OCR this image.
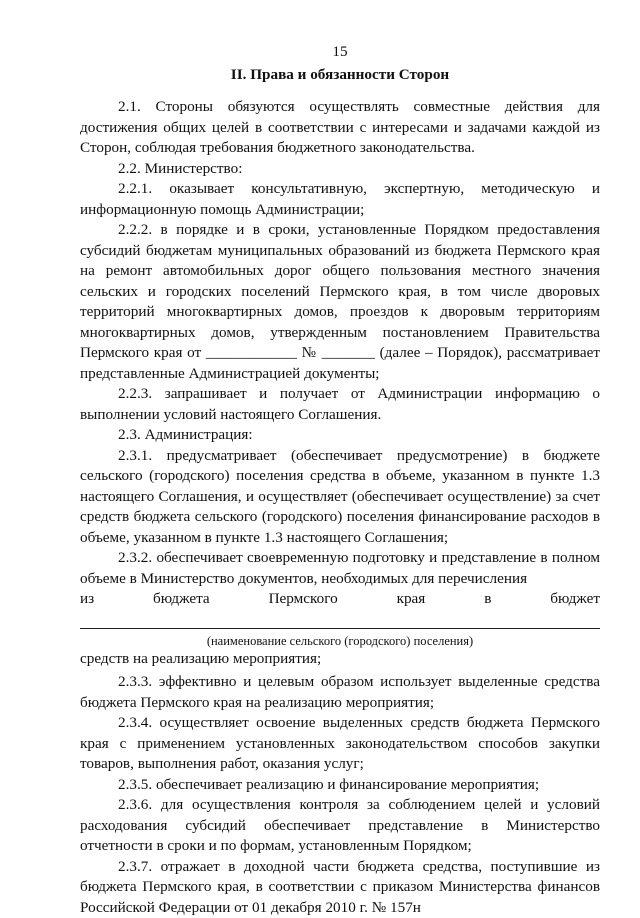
15
II. Права и обязанности Сторон

2.1. Стороны обязуются осуществлять совместные действия для достижения общих целей в соответствии с интересами и задачами каждой из Сторон, соблюдая требования бюджетного законодательства.

2.2. Министерство:

2.2.1. оказывает консультативную, экспертную, методическую и информационную помощь Администрации;

2.2.2. в порядке и в сроки, установленные Порядком предоставления субсидий бюджетам муниципальных образований из бюджета Пермского края на ремонт автомобильных дорог общего пользования местного значения сельских и городских поселений Пермского края, в том числе дворовых территорий многоквартирных домов, проездов к дворовым территориям многоквартирных домов, утвержденным постановлением Правительства Пермского края от ____________ № _______ (далее – Порядок), рассматривает представленные Администрацией документы;

2.2.3. запрашивает и получает от Администрации информацию о выполнении условий настоящего Соглашения.

2.3. Администрация:

2.3.1. предусматривает (обеспечивает предусмотрение) в бюджете сельского (городского) поселения средства в объеме, указанном в пункте 1.3 настоящего Соглашения, и осуществляет (обеспечивает осуществление) за счет средств бюджета сельского (городского) поселения финансирование расходов в объеме, указанном в пункте 1.3 настоящего Соглашения;

2.3.2. обеспечивает своевременную подготовку и представление в полном объеме в Министерство документов, необходимых для перечисления

из	бюджета	Пермского	края	в	бюджет
(наименование сельского (городского) поселения)

средств на реализацию мероприятия;

2.3.3. эффективно и целевым образом использует выделенные средства бюджета Пермского края на реализацию мероприятия;

2.3.4. осуществляет освоение выделенных средств бюджета Пермского края с применением установленных законодательством способов закупки товаров, выполнения работ, оказания услуг;

2.3.5. обеспечивает реализацию и финансирование мероприятия;

2.3.6. для осуществления контроля за соблюдением целей и условий расходования субсидий обеспечивает представление в Министерство отчетности в сроки и по формам, установленным Порядком;

2.3.7. отражает в доходной части бюджета средства, поступившие из бюджета Пермского края, в соответствии с приказом Министерства финансов Российской Федерации от 01 декабря 2010 г. № 157н
